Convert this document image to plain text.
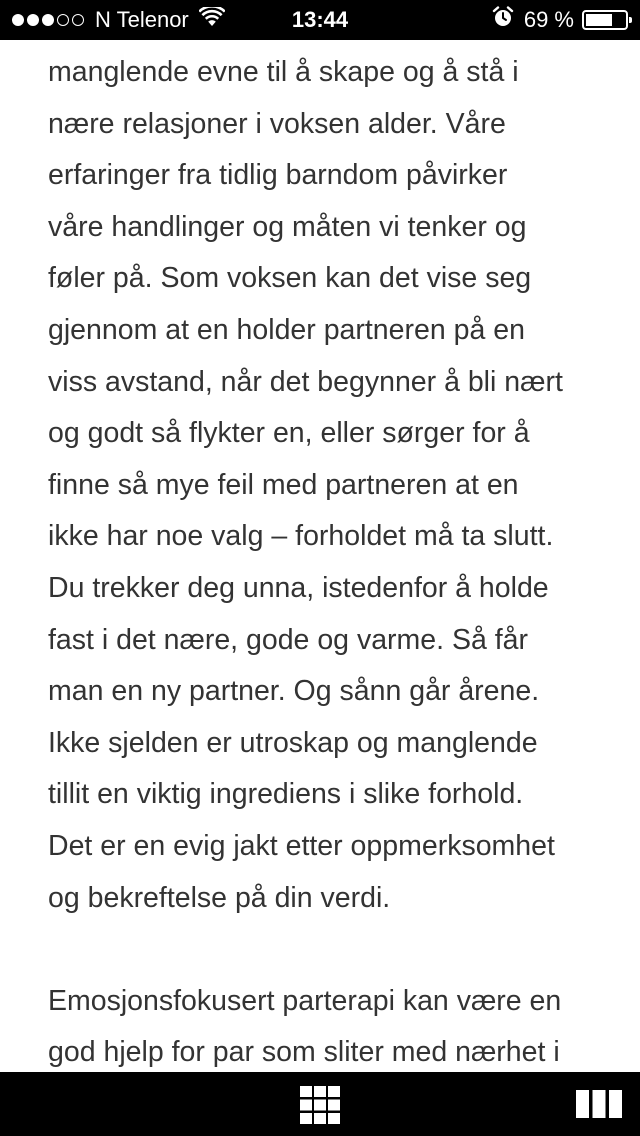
N Telenor	13:44	69 %

manglende evne til å skape og å stå i
nære relasjoner i voksen alder. Våre
erfaringer fra tidlig barndom påvirker
våre handlinger og måten vi tenker og
føler på. Som voksen kan det vise seg
gjennom at en holder partneren på en
viss avstand, når det begynner å bli nært
og godt så flykter en, eller sørger for å
finne så mye feil med partneren at en
ikke har noe valg – forholdet må ta slutt.
Du trekker deg unna, istedenfor å holde
fast i det nære, gode og varme. Så får
man en ny partner. Og sånn går årene.
Ikke sjelden er utroskap og manglende
tillit en viktig ingrediens i slike forhold.
Det er en evig jakt etter oppmerksomhet
og bekreftelse på din verdi.

Emosjonsfokusert parterapi kan være en
god hjelp for par som sliter med nærhet i
